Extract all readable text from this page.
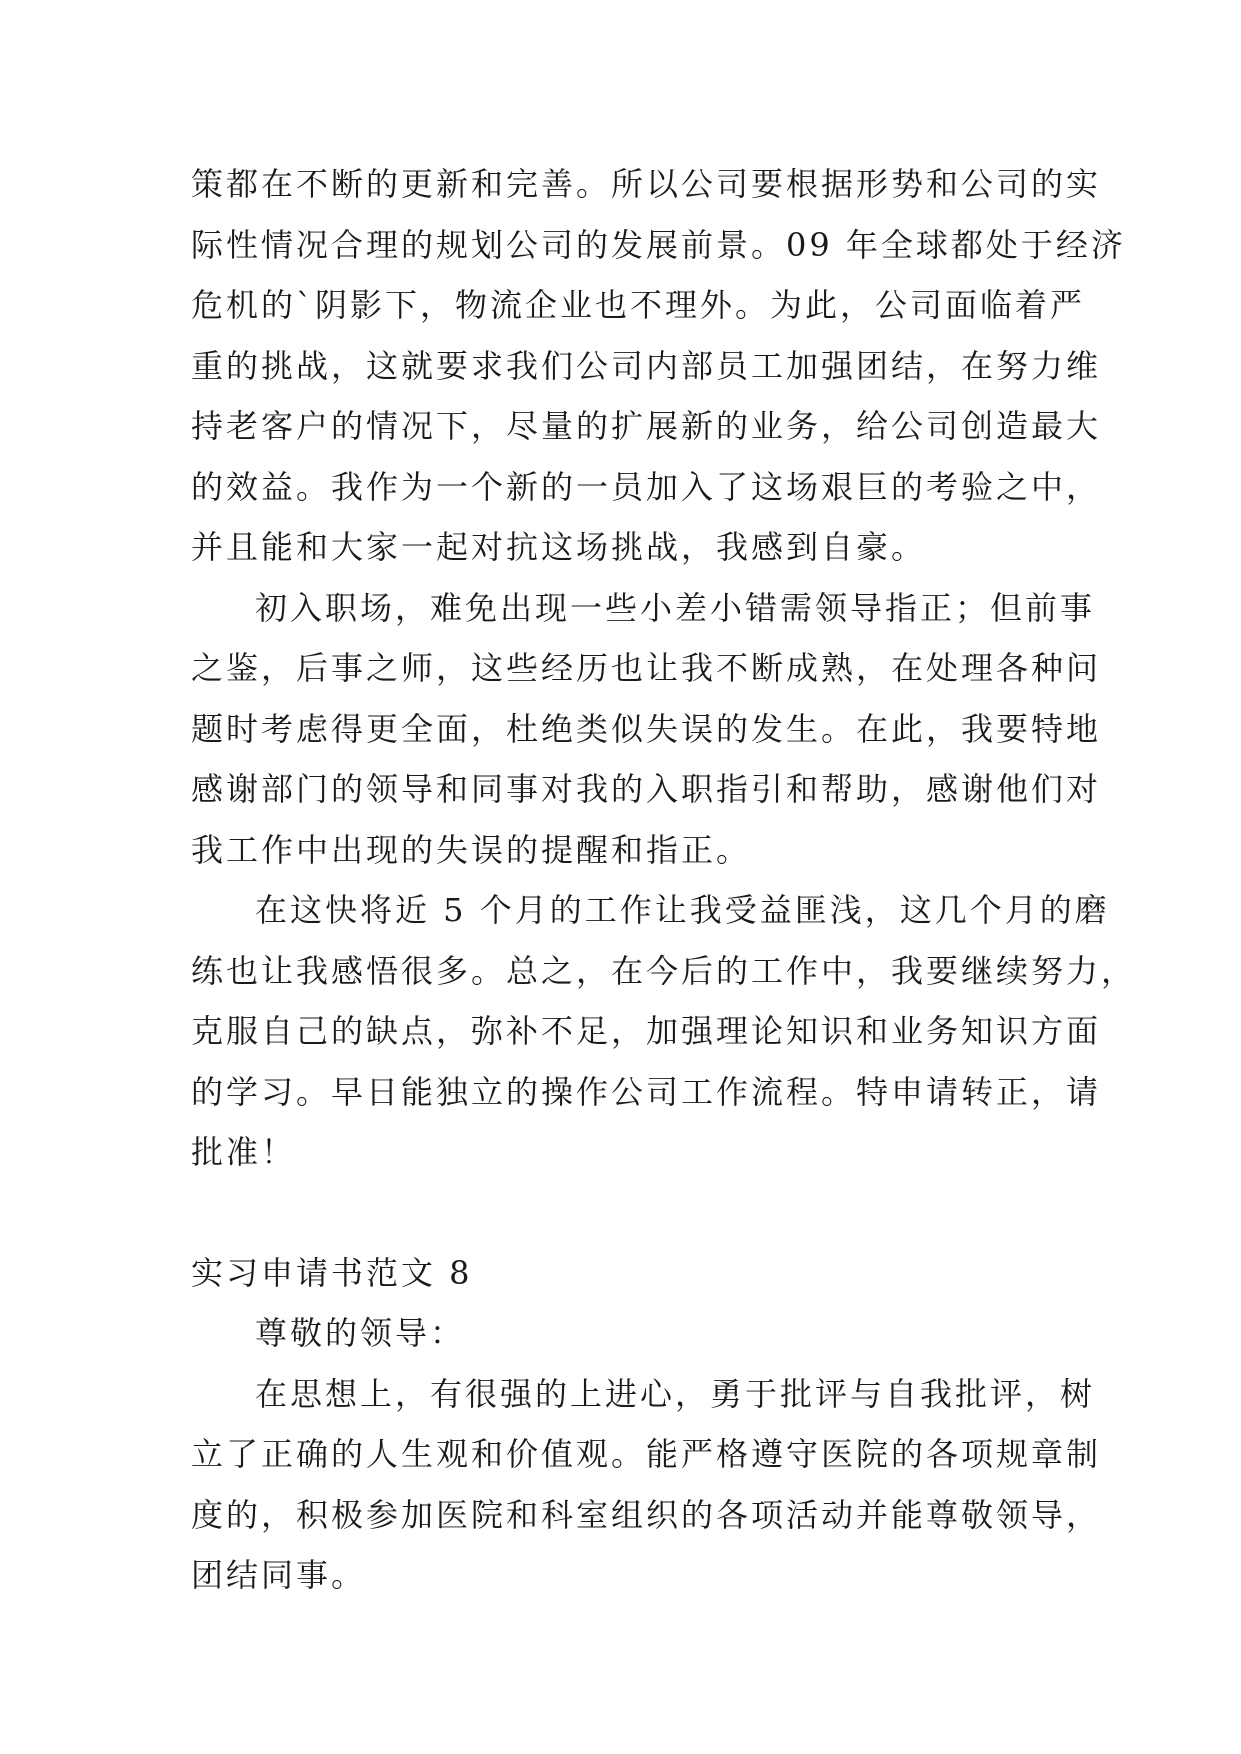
策都在不断的更新和完善。所以公司要根据形势和公司的实
际性情况合理的规划公司的发展前景。09 年全球都处于经济
危机的`阴影下，物流企业也不理外。为此，公司面临着严
重的挑战，这就要求我们公司内部员工加强团结，在努力维
持老客户的情况下，尽量的扩展新的业务，给公司创造最大
的效益。我作为一个新的一员加入了这场艰巨的考验之中，
并且能和大家一起对抗这场挑战，我感到自豪。
初入职场，难免出现一些小差小错需领导指正；但前事
之鉴，后事之师，这些经历也让我不断成熟，在处理各种问
题时考虑得更全面，杜绝类似失误的发生。在此，我要特地
感谢部门的领导和同事对我的入职指引和帮助，感谢他们对
我工作中出现的失误的提醒和指正。
在这快将近 5 个月的工作让我受益匪浅，这几个月的磨
练也让我感悟很多。总之，在今后的工作中，我要继续努力，
克服自己的缺点，弥补不足，加强理论知识和业务知识方面
的学习。早日能独立的操作公司工作流程。特申请转正，请
批准！
实习申请书范文 8
尊敬的领导：
在思想上，有很强的上进心，勇于批评与自我批评，树
立了正确的人生观和价值观。能严格遵守医院的各项规章制
度的，积极参加医院和科室组织的各项活动并能尊敬领导，
团结同事。
